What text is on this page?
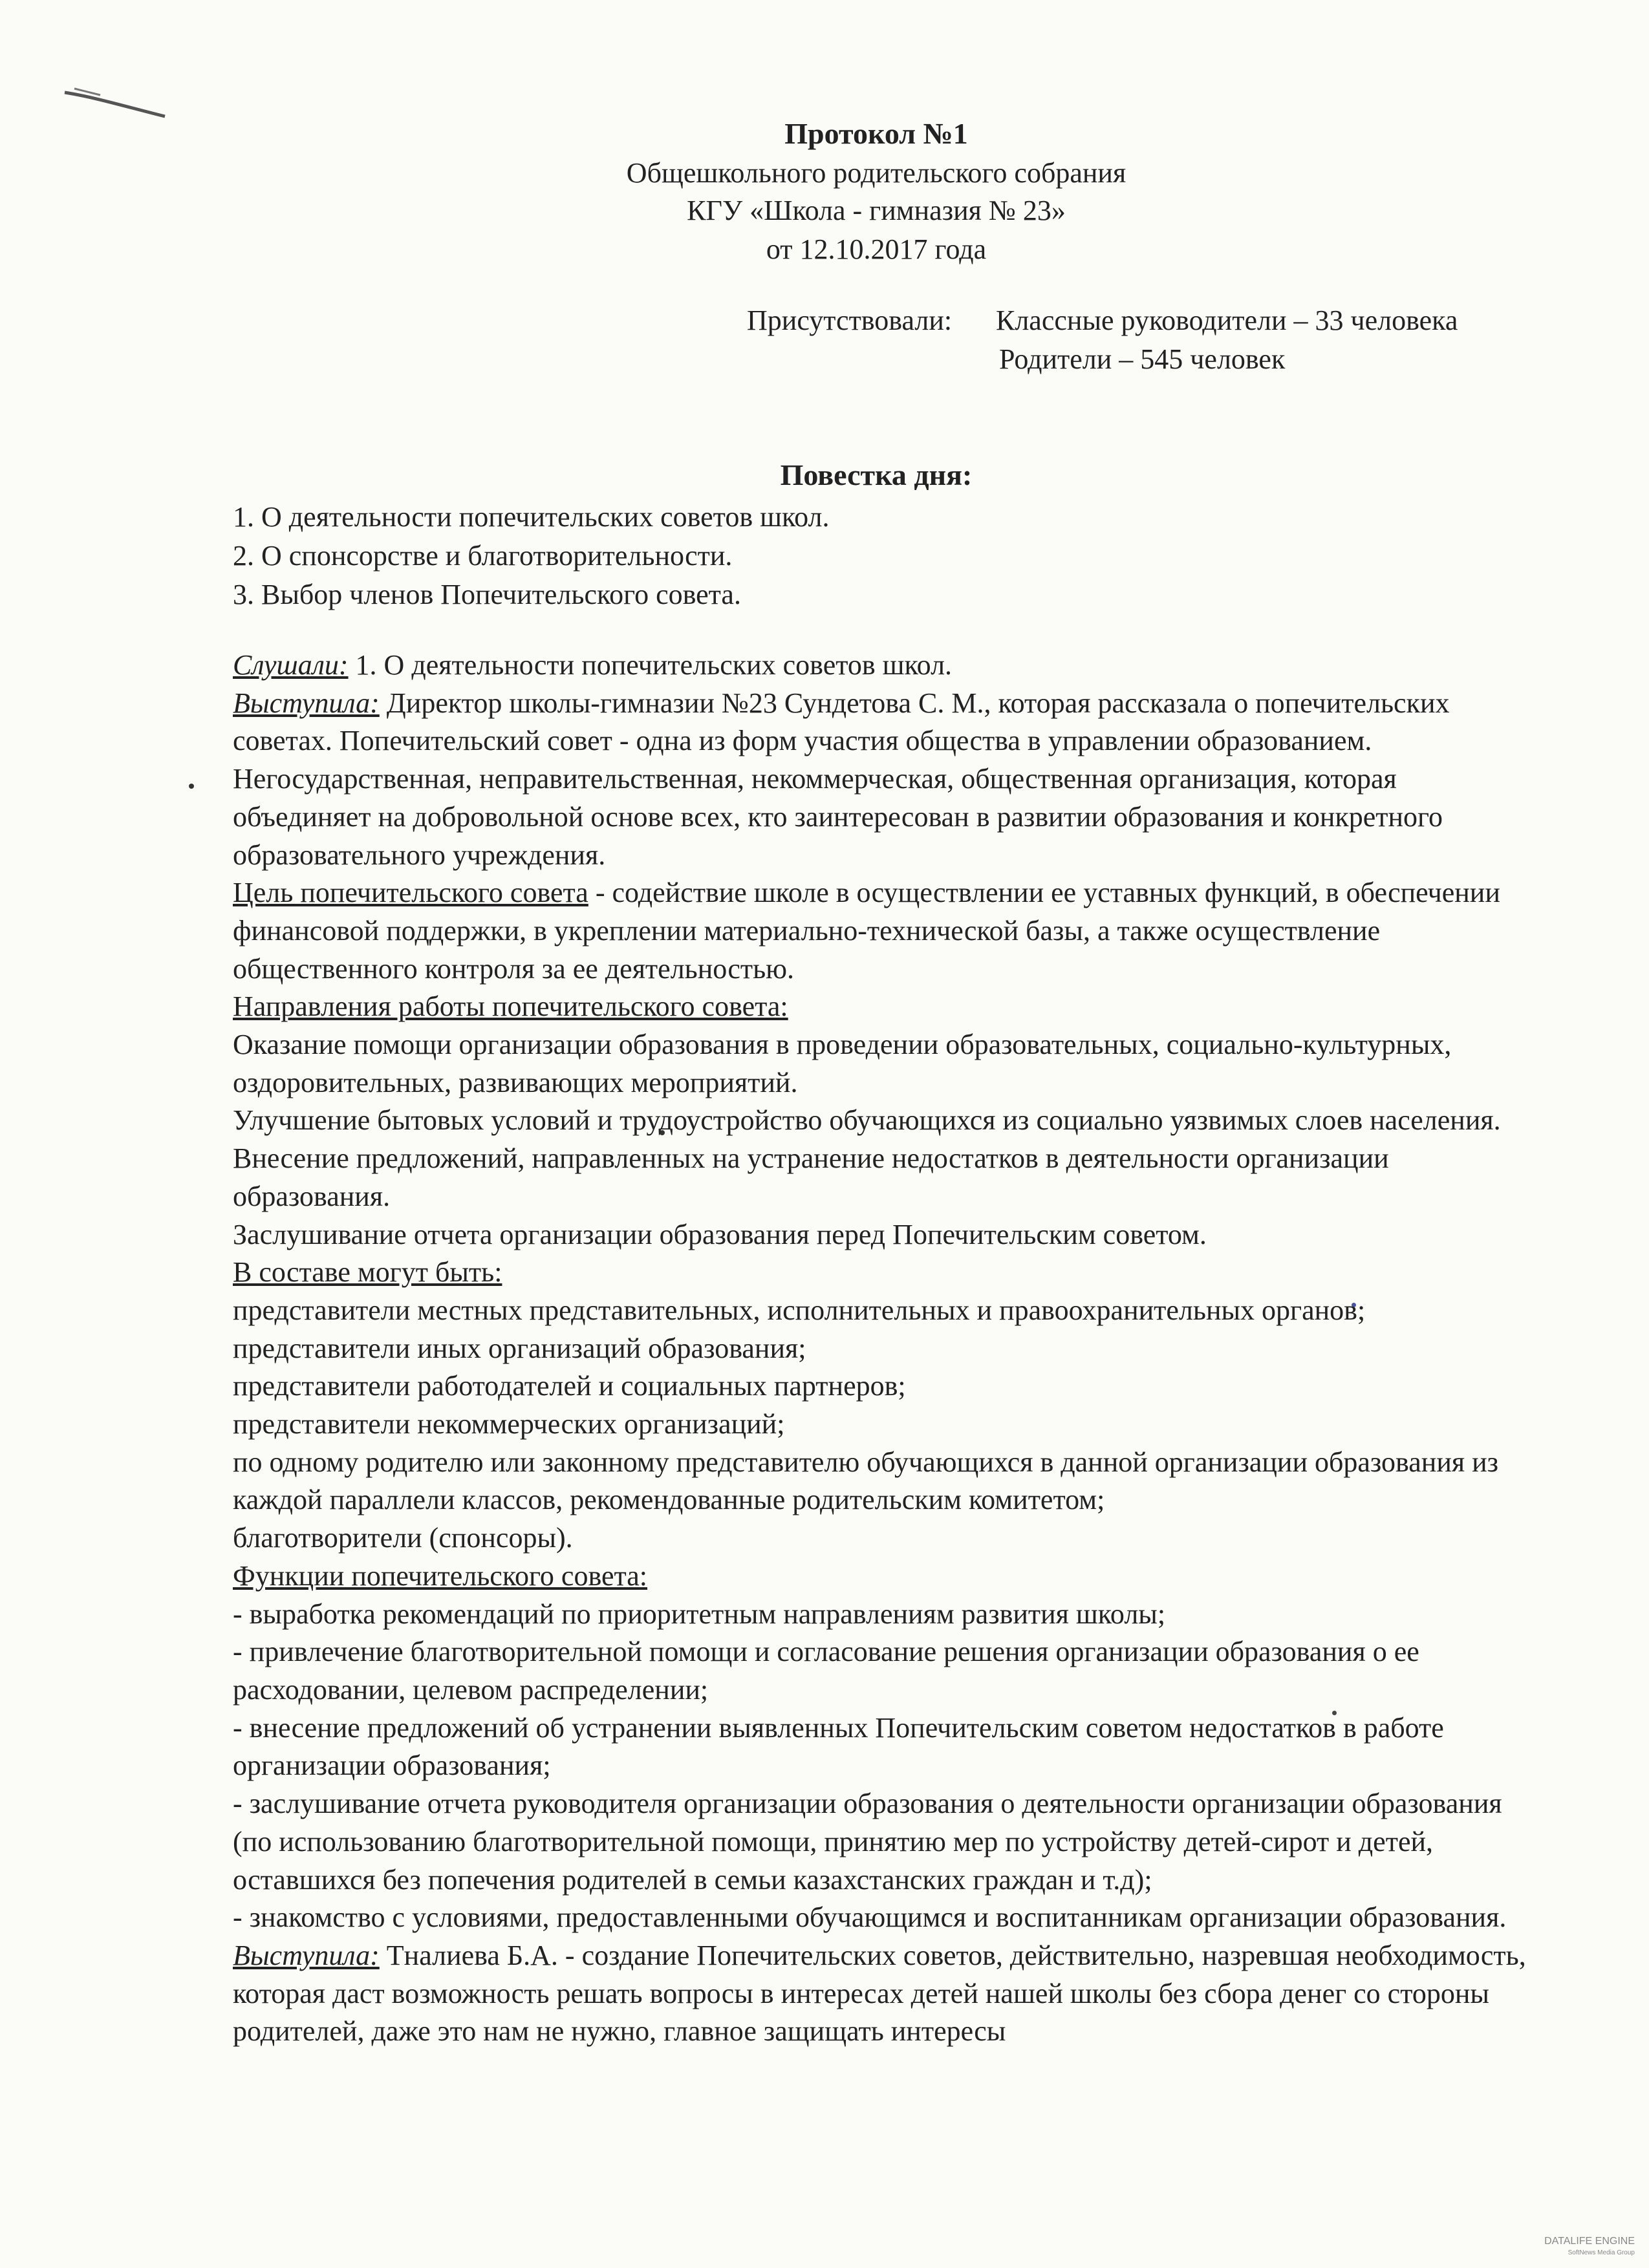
Протокол №1
Общешкольного родительского собрания
КГУ «Школа - гимназия № 23»
от 12.10.2017 года
Присутствовали: Классные руководители – 33 человека
Родители – 545 человек
Повестка дня:
1. О деятельности попечительских советов школ.
2. О спонсорстве и благотворительности.
3. Выбор членов Попечительского совета.

Слушали: 1. О деятельности попечительских советов школ.

Выступила: Директор школы-гимназии №23 Сундетова С. М., которая рассказала о попечительских советах. Попечительский совет - одна из форм участия общества в управлении образованием. Негосударственная, неправительственная, некоммерческая, общественная организация, которая объединяет на добровольной основе всех, кто заинтересован в развитии образования и конкретного образовательного учреждения.

Цель попечительского совета - содействие школе в осуществлении ее уставных функций, в обеспечении финансовой поддержки, в укреплении материально-технической базы, а также осуществление общественного контроля за ее деятельностью.

Направления работы попечительского совета:

Оказание помощи организации образования в проведении образовательных, социально-культурных, оздоровительных, развивающих мероприятий.

Улучшение бытовых условий и трудоустройство обучающихся из социально уязвимых слоев населения.

Внесение предложений, направленных на устранение недостатков в деятельности организации образования.

Заслушивание отчета организации образования перед Попечительским советом.

В составе могут быть:

представители местных представительных, исполнительных и правоохранительных органов;

представители иных организаций образования;

представители работодателей и социальных партнеров;

представители некоммерческих организаций;

по одному родителю или законному представителю обучающихся в данной организации образования из каждой параллели классов, рекомендованные родительским комитетом;

благотворители (спонсоры).

Функции попечительского совета:

- выработка рекомендаций по приоритетным направлениям развития школы;

- привлечение благотворительной помощи и согласование решения организации образования о ее расходовании, целевом распределении;

- внесение предложений об устранении выявленных Попечительским советом недостатков в работе организации образования;

- заслушивание отчета руководителя организации образования о деятельности организации образования (по использованию благотворительной помощи, принятию мер по устройству детей-сирот и детей, оставшихся без попечения родителей в семьи казахстанских граждан и т.д);

- знакомство с условиями, предоставленными обучающимся и воспитанникам организации образования.

Выступила: Тналиева Б.А. - создание Попечительских советов, действительно, назревшая необходимость, которая даст возможность решать вопросы в интересах детей нашей школы без сбора денег со стороны родителей, даже это нам не нужно, главное защищать интересы

DATALIFE ENGINE
SoftNews Media Group
